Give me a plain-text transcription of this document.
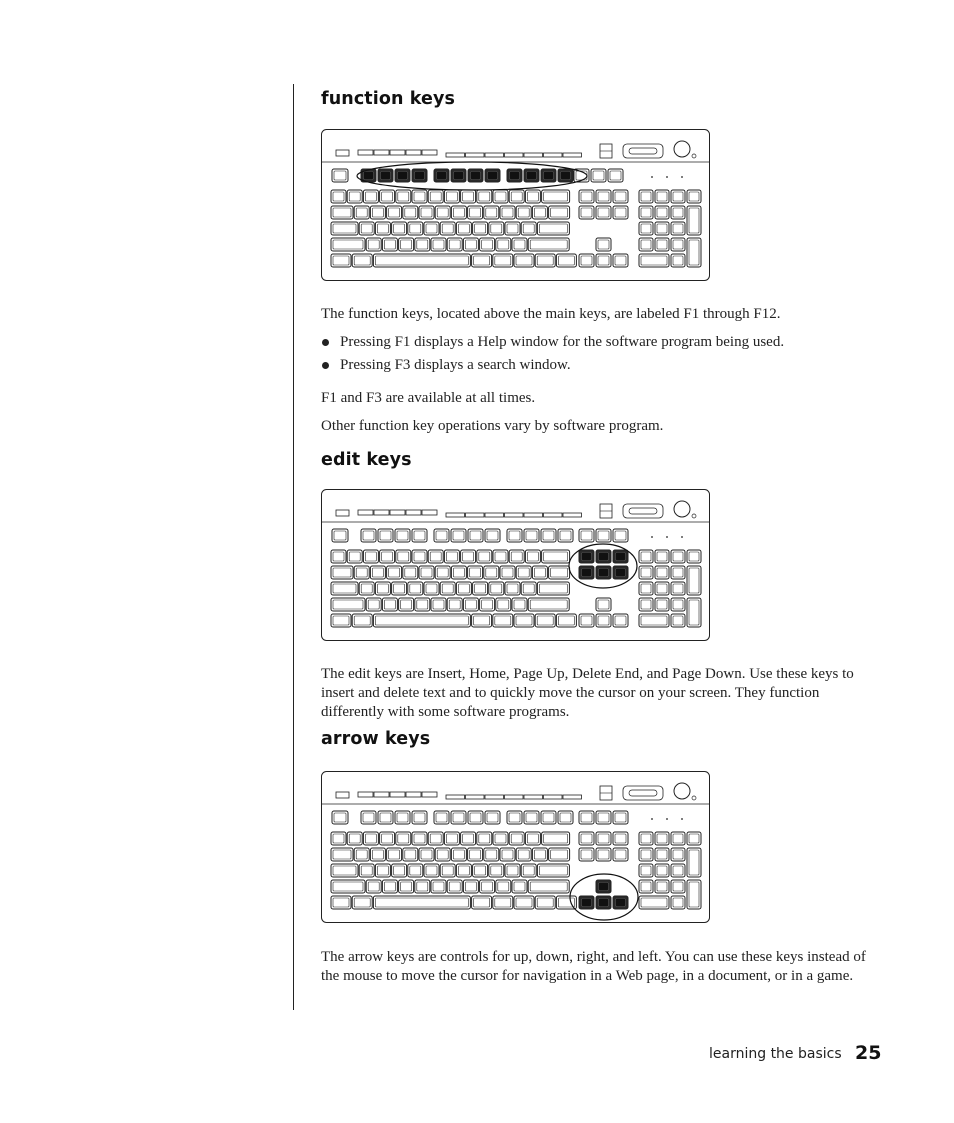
function keys

The function keys, located above the main keys, are labeled F1 through F12.

Pressing F1 displays a Help window for the software program being used.
Pressing F3 displays a search window.

F1 and F3 are available at all times.

Other function key operations vary by software program.

edit keys

The edit keys are Insert, Home, Page Up, Delete End, and Page Down. Use these keys to insert and delete text and to quickly move the cursor on your screen. They function differently with some software programs.

arrow keys

The arrow keys are controls for up, down, right, and left. You can use these keys instead of the mouse to move the cursor for navigation in a Web page, in a document, or in a game.

learning the basics 25
